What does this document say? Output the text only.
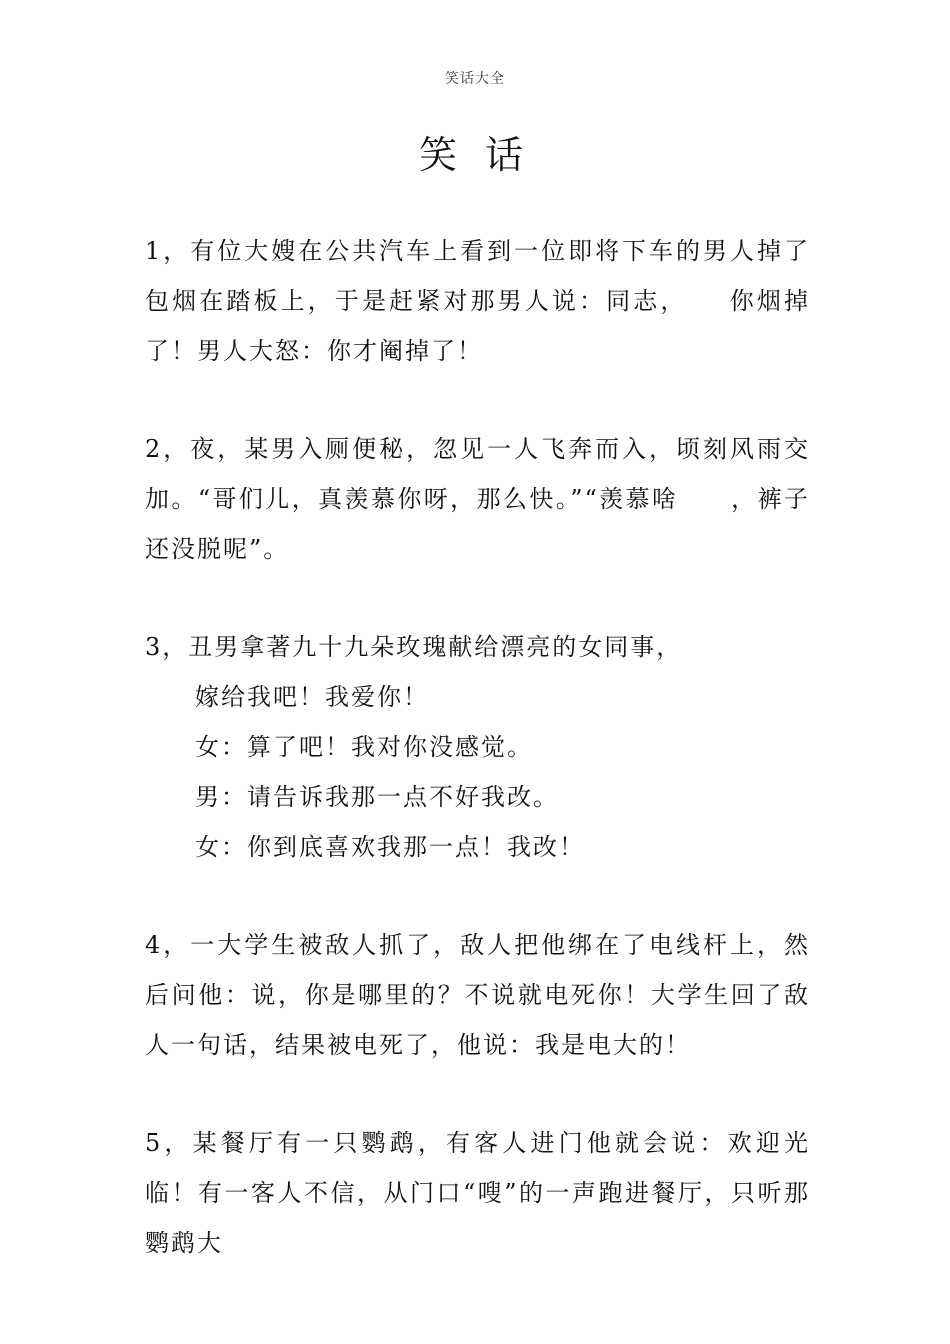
笑话大全
笑 话

1，有位大嫂在公共汽车上看到一位即将下车的男人掉了包烟在踏板上，于是赶紧对那男人说：同志，　　你烟掉了！男人大怒：你才阉掉了！

2，夜，某男入厕便秘，忽见一人飞奔而入，顷刻风雨交加。“哥们儿，真羡慕你呀，那么快。”“羡慕啥　　，裤子还没脱呢”。

3，丑男拿著九十九朵玫瑰献给漂亮的女同事，

嫁给我吧！我爱你！

女：算了吧！我对你没感觉。

男：请告诉我那一点不好我改。

女：你到底喜欢我那一点！我改！

4，一大学生被敌人抓了，敌人把他绑在了电线杆上，然后问他：说，你是哪里的？不说就电死你！大学生回了敌人一句话，结果被电死了，他说：我是电大的！

5，某餐厅有一只鹦鹉，有客人进门他就会说：欢迎光临！有一客人不信，从门口“嗖”的一声跑进餐厅，只听那鹦鹉大
